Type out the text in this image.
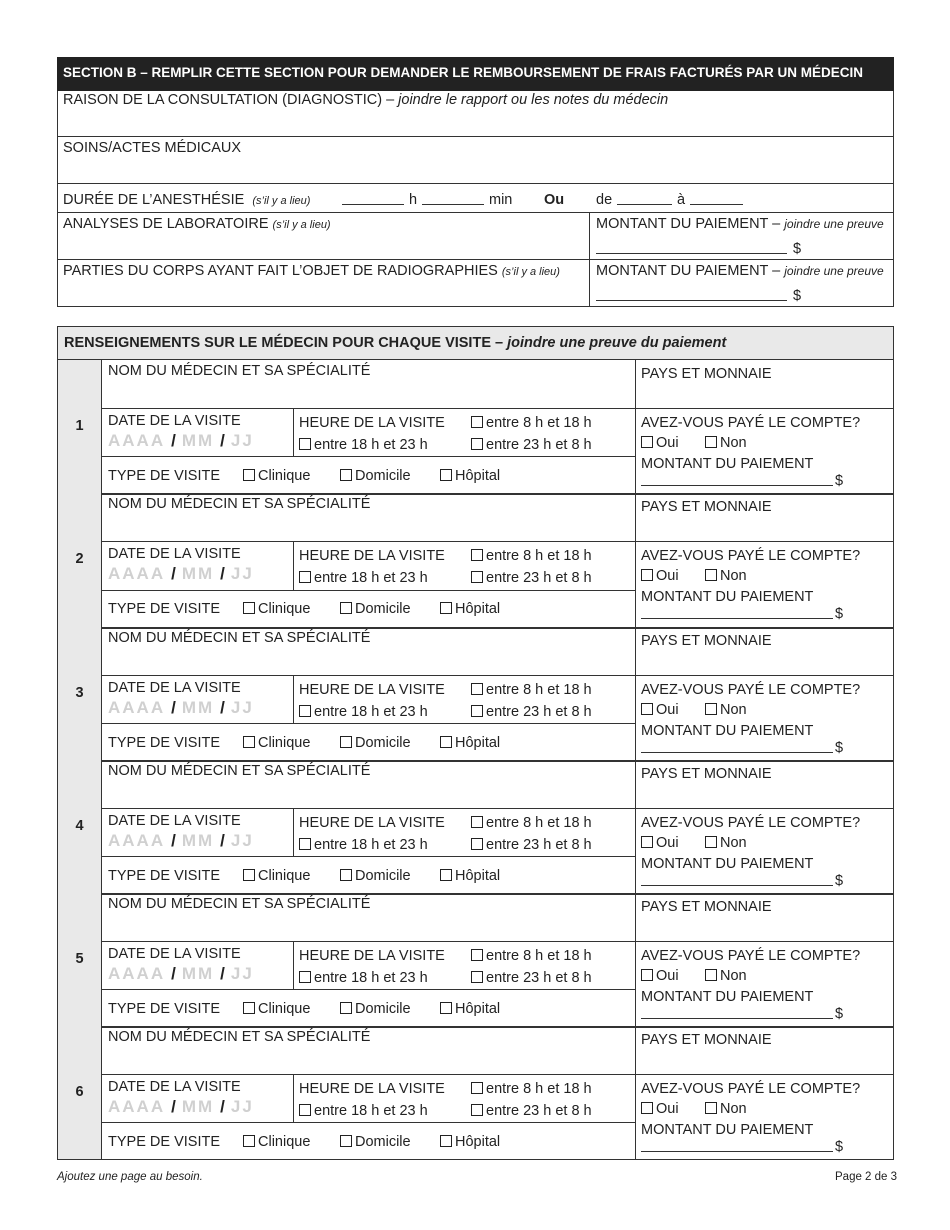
SECTION B – REMPLIR CETTE SECTION POUR DEMANDER LE REMBOURSEMENT DE FRAIS FACTURÉS PAR UN MÉDECIN
RAISON DE LA CONSULTATION (DIAGNOSTIC) – joindre le rapport ou les notes du médecin
SOINS/ACTES MÉDICAUX
DURÉE DE L’ANESTHÉSIE (s’il y a lieu)	h	min Ou de	à
ANALYSES DE LABORATOIRE (s’il y a lieu)	MONTANT DU PAIEMENT – joindre une preuve
$
PARTIES DU CORPS AYANT FAIT L’OBJET DE RADIOGRAPHIES (s’il y a lieu) MONTANT DU PAIEMENT – joindre une preuve
$
RENSEIGNEMENTS SUR LE MÉDECIN POUR CHAQUE VISITE – joindre une preuve du paiement
1
NOM DU MÉDECIN ET SA SPÉCIALITÉ	PAYS ET MONNAIE
DATE DE LA VISITE
AAAA / MM / JJ
HEURE DE LA VISITE	entre 8 h et 18 h
entre 18 h et 23 h	entre 23 h et 8 h
AVEZ-VOUS PAYÉ LE COMPTE?
Oui	Non
MONTANT DU PAIEMENT
$
TYPE DE VISITE	Clinique	Domicile	Hôpital
2
NOM DU MÉDECIN ET SA SPÉCIALITÉ	PAYS ET MONNAIE
DATE DE LA VISITE
AAAA / MM / JJ
HEURE DE LA VISITE	entre 8 h et 18 h
entre 18 h et 23 h	entre 23 h et 8 h
AVEZ-VOUS PAYÉ LE COMPTE?
Oui	Non
MONTANT DU PAIEMENT
$
TYPE DE VISITE	Clinique	Domicile	Hôpital
3
NOM DU MÉDECIN ET SA SPÉCIALITÉ	PAYS ET MONNAIE
DATE DE LA VISITE
AAAA / MM / JJ
HEURE DE LA VISITE	entre 8 h et 18 h
entre 18 h et 23 h	entre 23 h et 8 h
AVEZ-VOUS PAYÉ LE COMPTE?
Oui	Non
MONTANT DU PAIEMENT
$
TYPE DE VISITE	Clinique	Domicile	Hôpital
4
NOM DU MÉDECIN ET SA SPÉCIALITÉ	PAYS ET MONNAIE
DATE DE LA VISITE
AAAA / MM / JJ
HEURE DE LA VISITE	entre 8 h et 18 h
entre 18 h et 23 h	entre 23 h et 8 h
AVEZ-VOUS PAYÉ LE COMPTE?
Oui	Non
MONTANT DU PAIEMENT
$
TYPE DE VISITE	Clinique	Domicile	Hôpital
5
NOM DU MÉDECIN ET SA SPÉCIALITÉ	PAYS ET MONNAIE
DATE DE LA VISITE
AAAA / MM / JJ
HEURE DE LA VISITE	entre 8 h et 18 h
entre 18 h et 23 h	entre 23 h et 8 h
AVEZ-VOUS PAYÉ LE COMPTE?
Oui	Non
MONTANT DU PAIEMENT
$
TYPE DE VISITE	Clinique	Domicile	Hôpital
6
NOM DU MÉDECIN ET SA SPÉCIALITÉ	PAYS ET MONNAIE
DATE DE LA VISITE
AAAA / MM / JJ
HEURE DE LA VISITE	entre 8 h et 18 h
entre 18 h et 23 h	entre 23 h et 8 h
AVEZ-VOUS PAYÉ LE COMPTE?
Oui	Non
MONTANT DU PAIEMENT
$
TYPE DE VISITE	Clinique	Domicile	Hôpital
Ajoutez une page au besoin.	Page 2 de 3
